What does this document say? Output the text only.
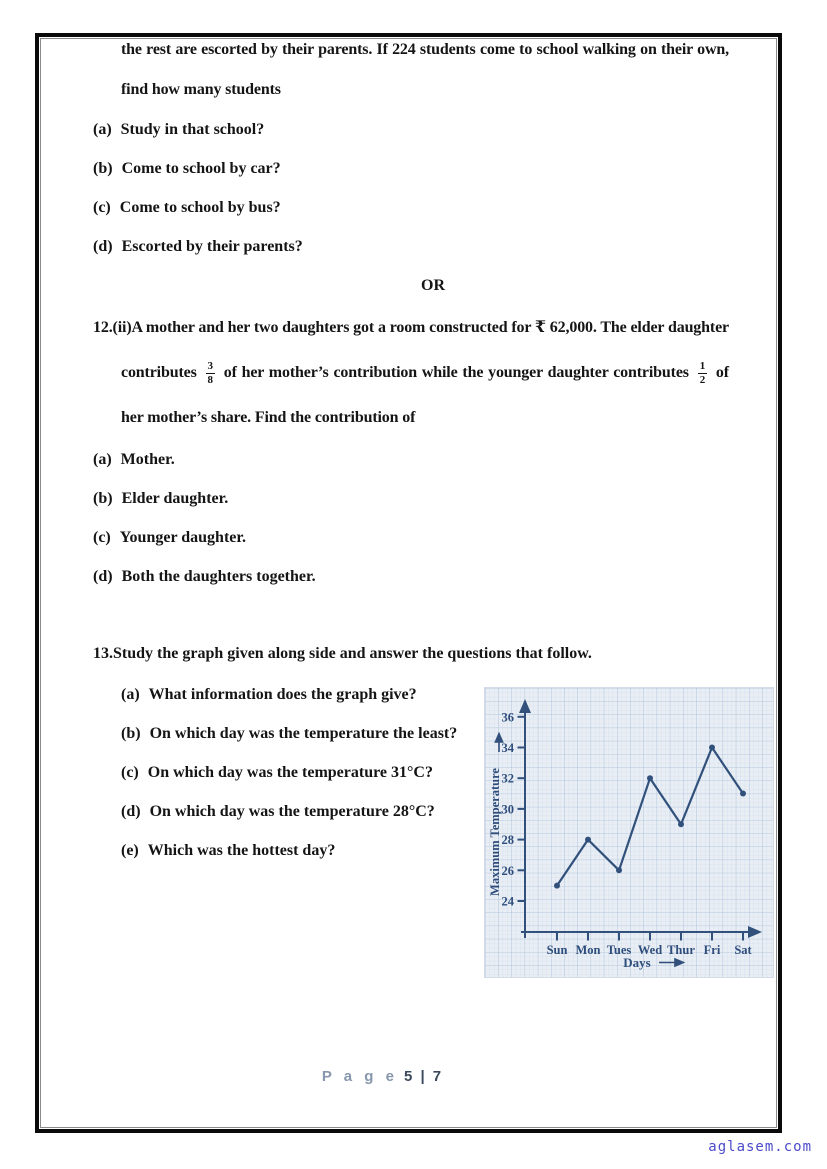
the rest are escorted by their parents. If 224 students come to school walking on their own, find how many students

(a) Study in that school?
(b) Come to school by car?
(c) Come to school by bus?
(d) Escorted by their parents?
OR

12.(ii)A mother and her two daughters got a room constructed for ₹ 62,000. The elder daughter contributes $\frac{3}{8}$ of her mother’s contribution while the younger daughter contributes $\frac{1}{2}$ of her mother’s share. Find the contribution of

(a) Mother.
(b) Elder daughter.
(c) Younger daughter.
(d) Both the daughters together.
13.Study the graph given along side and answer the questions that follow.
(a) What information does the graph give?
(b) On which day was the temperature the least?
(c) On which day was the temperature 31°C?
(d) On which day was the temperature 28°C?
(e) Which was the hottest day?
24
26
28
30
32
34
36
Sun Mon Tues Wed Thur Fri Sat
Maximum Temperature
Days
P a g e 5 | 7
aglasem.com
